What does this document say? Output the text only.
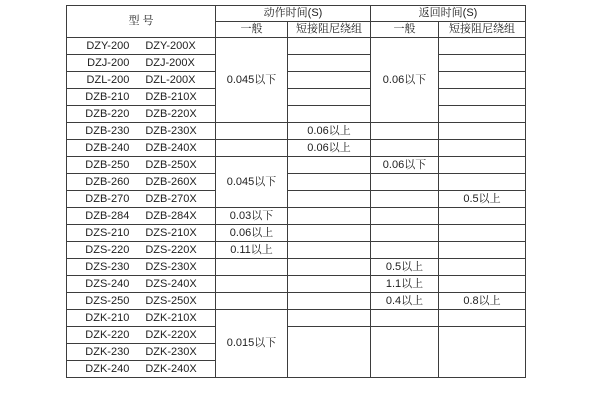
型 号	动作时间(S)		返回时间(S)	
	一般	短接阻尼绕组	一般	短接阻尼绕组

DZY-200 DZY-200X	0.045以下		0.06以下	

DZJ-200 DZJ-200X				

DZL-200 DZL-200X				

DZB-210 DZB-210X				

DZB-220 DZB-220X				

DZB-230 DZB-230X		0.06以上		

DZB-240 DZB-240X		0.06以上		

DZB-250 DZB-250X	0.045以下		0.06以下	

DZB-260 DZB-260X				

DZB-270 DZB-270X				0.5以上

DZB-284 DZB-284X	0.03以下			

DZS-210 DZS-210X	0.06以上			

DZS-220 DZS-220X	0.11以上			

DZS-230 DZS-230X			0.5以上	

DZS-240 DZS-240X			1.1以上	

DZS-250 DZS-250X			0.4以上	0.8以上

DZK-210 DZK-210X	0.015以下			

DZK-220 DZK-220X				

DZK-230 DZK-230X				

DZK-240 DZK-240X				
